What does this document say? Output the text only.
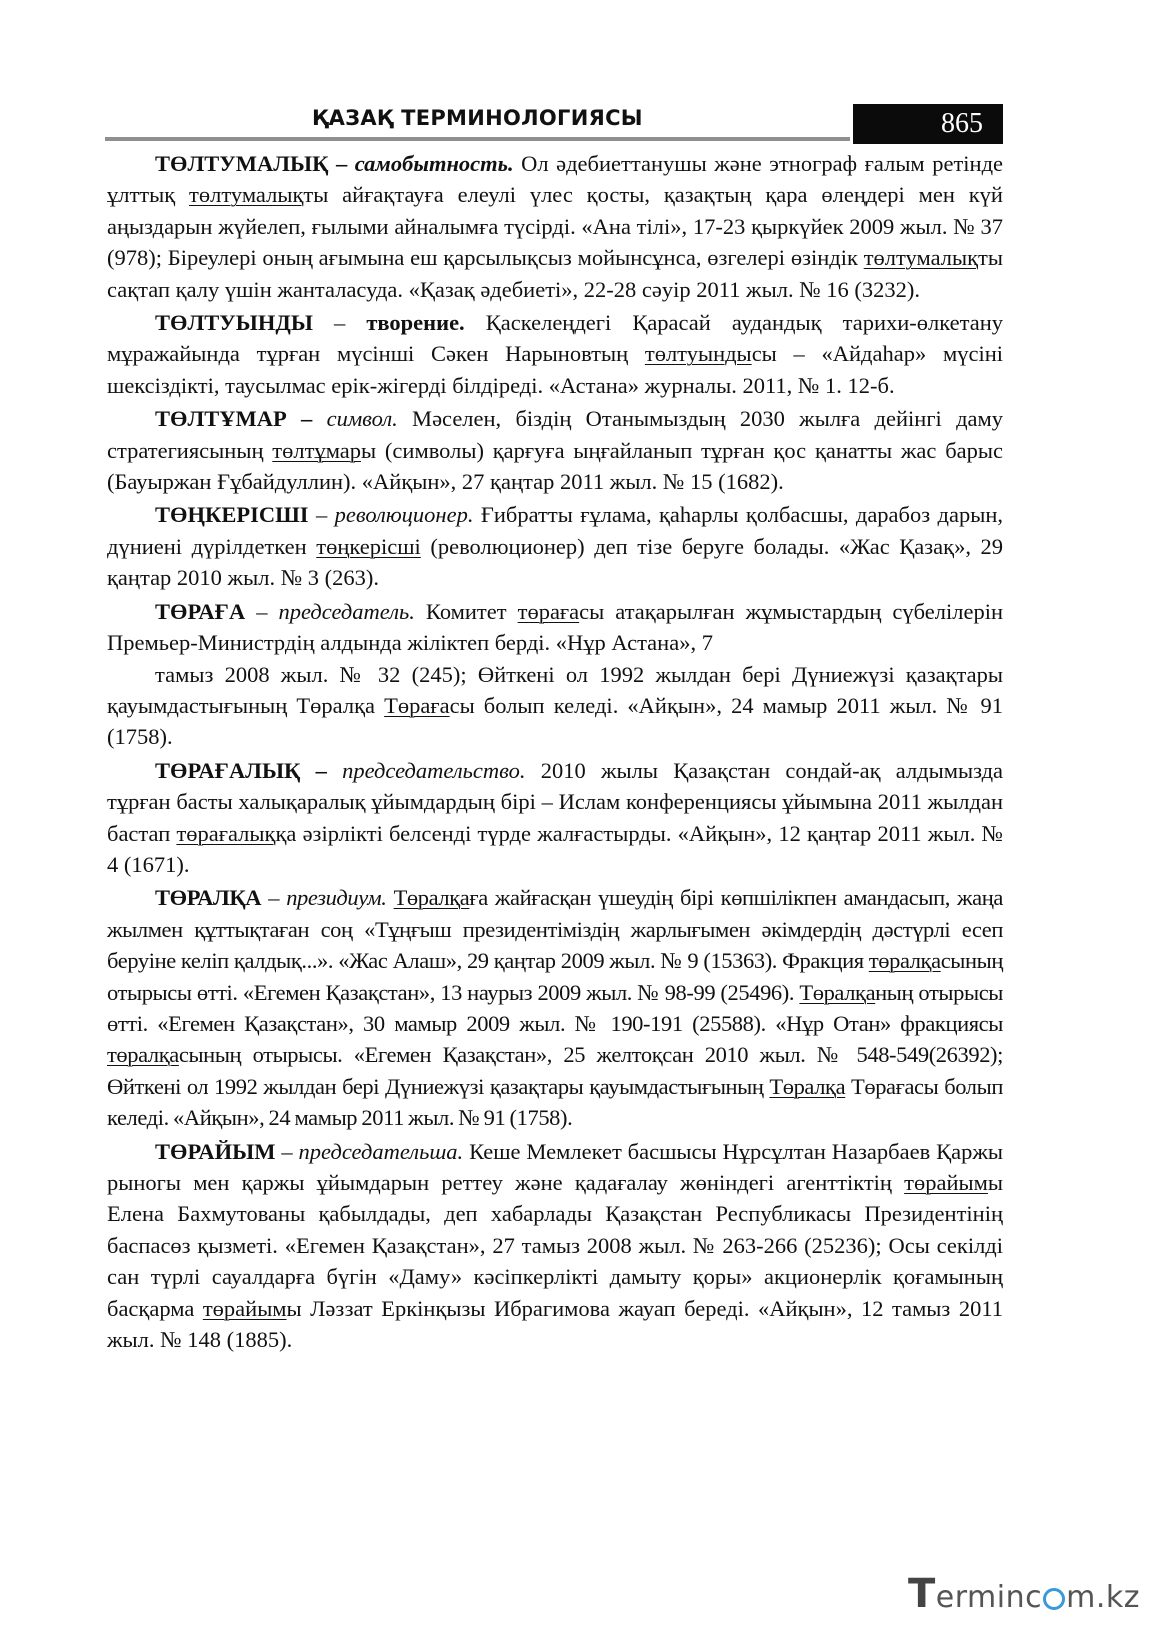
ҚАЗАҚ ТЕРМИНОЛОГИЯСЫ	865

ТӨЛТУМАЛЫҚ – самобытность. Ол әдебиеттанушы және этнограф ғалым ретінде ұлттық төлтумалықты айғақтауға елеулі үлес қосты, қазақтың қара өлеңдері мен күй аңыздарын жүйелеп, ғылыми айналымға түсірді. «Ана тілі», 17-23 қыркүйек 2009 жыл. № 37 (978); Біреулері оның ағымына еш қарсылықсыз мойынсұнса, өзгелері өзіндік төлтумалықты сақтап қалу үшін жанталасуда. «Қазақ әдебиеті», 22-28 сәуір 2011 жыл. № 16 (3232).

ТӨЛТУЫНДЫ – творение. Қаскелеңдегі Қарасай аудандық тарихи-өлкетану мұражайында тұрған мүсінші Сәкен Нарыновтың төлтуындысы – «Айдаһар» мүсіні шексіздікті, таусылмас ерік-жігерді білдіреді. «Астана» журналы. 2011, № 1. 12-б.

ТӨЛТҰМАР – символ. Мәселен, біздің Отанымыздың 2030 жылға дейінгі даму стратегиясының төлтұмары (символы) қарғуға ыңғайланып тұрған қос қанатты жас барыс (Бауыржан Ғұбайдуллин). «Айқын», 27 қаңтар 2011 жыл. № 15 (1682).

ТӨҢКЕРІСШІ – революционер. Ғибратты ғұлама, қаһарлы қолбасшы, дарабоз дарын, дүниені дүрілдеткен төңкерісші (революционер) деп тізе беруге болады. «Жас Қазақ», 29 қаңтар 2010 жыл. № 3 (263).

ТӨРАҒА – председатель. Комитет төрағасы атақарылған жұмыстардың сүбелілерін Премьер-Министрдің алдында жіліктеп берді. «Нұр Астана», 7

тамыз 2008 жыл. № 32 (245); Өйткені ол 1992 жылдан бері Дүниежүзі қазақтары қауымдастығының Төралқа Төрағасы болып келеді. «Айқын», 24 мамыр 2011 жыл. № 91 (1758).

ТӨРАҒАЛЫҚ – председательство. 2010 жылы Қазақстан сондай-ақ алдымызда тұрған басты халықаралық ұйымдардың бірі – Ислам конференциясы ұйымына 2011 жылдан бастап төрағалыққа әзірлікті белсенді түрде жалғастырды. «Айқын», 12 қаңтар 2011 жыл. № 4 (1671).

ТӨРАЛҚА – президиум. Төралқаға жайғасқан үшеудің бірі көпшілікпен амандасып, жаңа жылмен құттықтаған соң «Тұңғыш президентіміздің жарлығымен әкімдердің дәстүрлі есеп беруіне келіп қалдық...». «Жас Алаш», 29 қаңтар 2009 жыл. № 9 (15363). Фракция төралқасының отырысы өтті. «Егемен Қазақстан», 13 наурыз 2009 жыл. № 98-99 (25496). Төралқаның отырысы өтті. «Егемен Қазақстан», 30 мамыр 2009 жыл. № 190-191 (25588). «Нұр Отан» фракциясы төралқасының отырысы. «Егемен Қазақстан», 25 желтоқсан 2010 жыл. № 548-549(26392); Өйткені ол 1992 жылдан бері Дүниежүзі қазақтары қауымдастығының Төралқа Төрағасы болып келеді. «Айқын», 24 мамыр 2011 жыл. № 91 (1758).

ТӨРАЙЫМ – председательша. Кеше Мемлекет басшысы Нұрсұлтан Назарбаев Қаржы рыногы мен қаржы ұйымдарын реттеу және қадағалау жөніндегі агенттіктің төрайымы Елена Бахмутованы қабылдады, деп хабарлады Қазақстан Республикасы Президентінің баспасөз қызметі. «Егемен Қазақстан», 27 тамыз 2008 жыл. № 263-266 (25236); Осы секілді сан түрлі сауалдарға бүгін «Даму» кәсіпкерлікті дамыту қоры» акционерлік қоғамының басқарма төрайымы Ләззат Еркінқызы Ибрагимова жауап береді. «Айқын», 12 тамыз 2011 жыл. № 148 (1885).

Terminc m.kz
